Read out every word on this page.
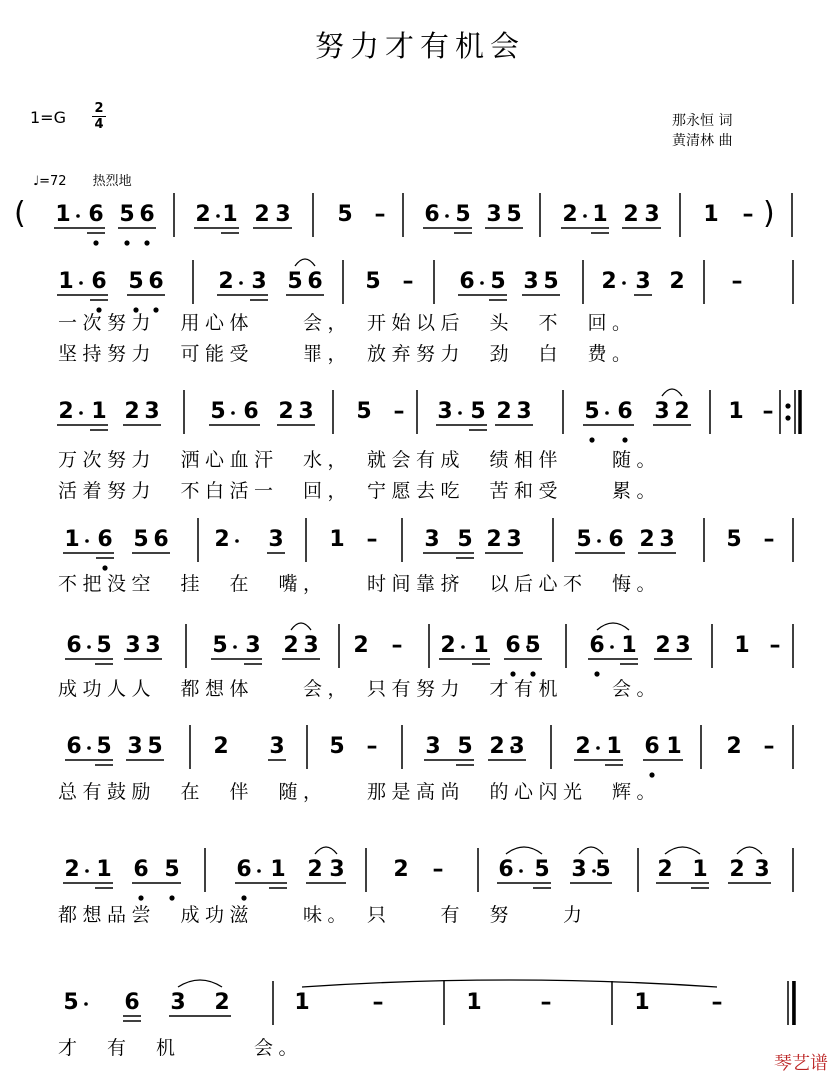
努力才有机会
1=G 2
4	那永恒 词
黄清林 曲
♩=72 热烈地
(	)
1 6 5 6 2 1 2 3 5 – 6 5 3 5 2 1 2 3 1 –
1 6 5 6 2 3 5 6 5 – 6 5 3 5 2 3 2 –
一次努力　用心体　　会，　开始以后　头　不　回。
坚持努力　可能受　　罪，　放弃努力　劲　白　费。
2 1 2 3 5 6 2 3 5 – 3 5 2 3 5 6 3 2 1 –
万次努力　洒心血汗　水，　就会有成　绩相伴　　随。
活着努力　不白活一　回，　宁愿去吃　苦和受　　累。
1 6 5 6 2 3 1 – 3 5 2 3 5 6 2 3 5 –
不把没空　挂　在　嘴，　　时间靠挤　以后心不　悔。
6 5 3 3 5 3 2 3 2 – 2 1 6 5 6 1 2 3 1 –
成功人人　都想体　　会，　只有努力　才有机　　会。
6 5 3 5 2 3 5 – 3 5 2 3 2 1 6 1 2 –
总有鼓励　在　伴　随，　　那是高尚　的心闪光　辉。
2 1 6 5	6 1 2 3 2 – 6 5 3 5 2 1 2 3
都想品尝　成功滋　　味。　只　　有　努　　力
5 6 3 2	1	–	1	–	1	–
才　有　机　　　会。
琴艺谱
